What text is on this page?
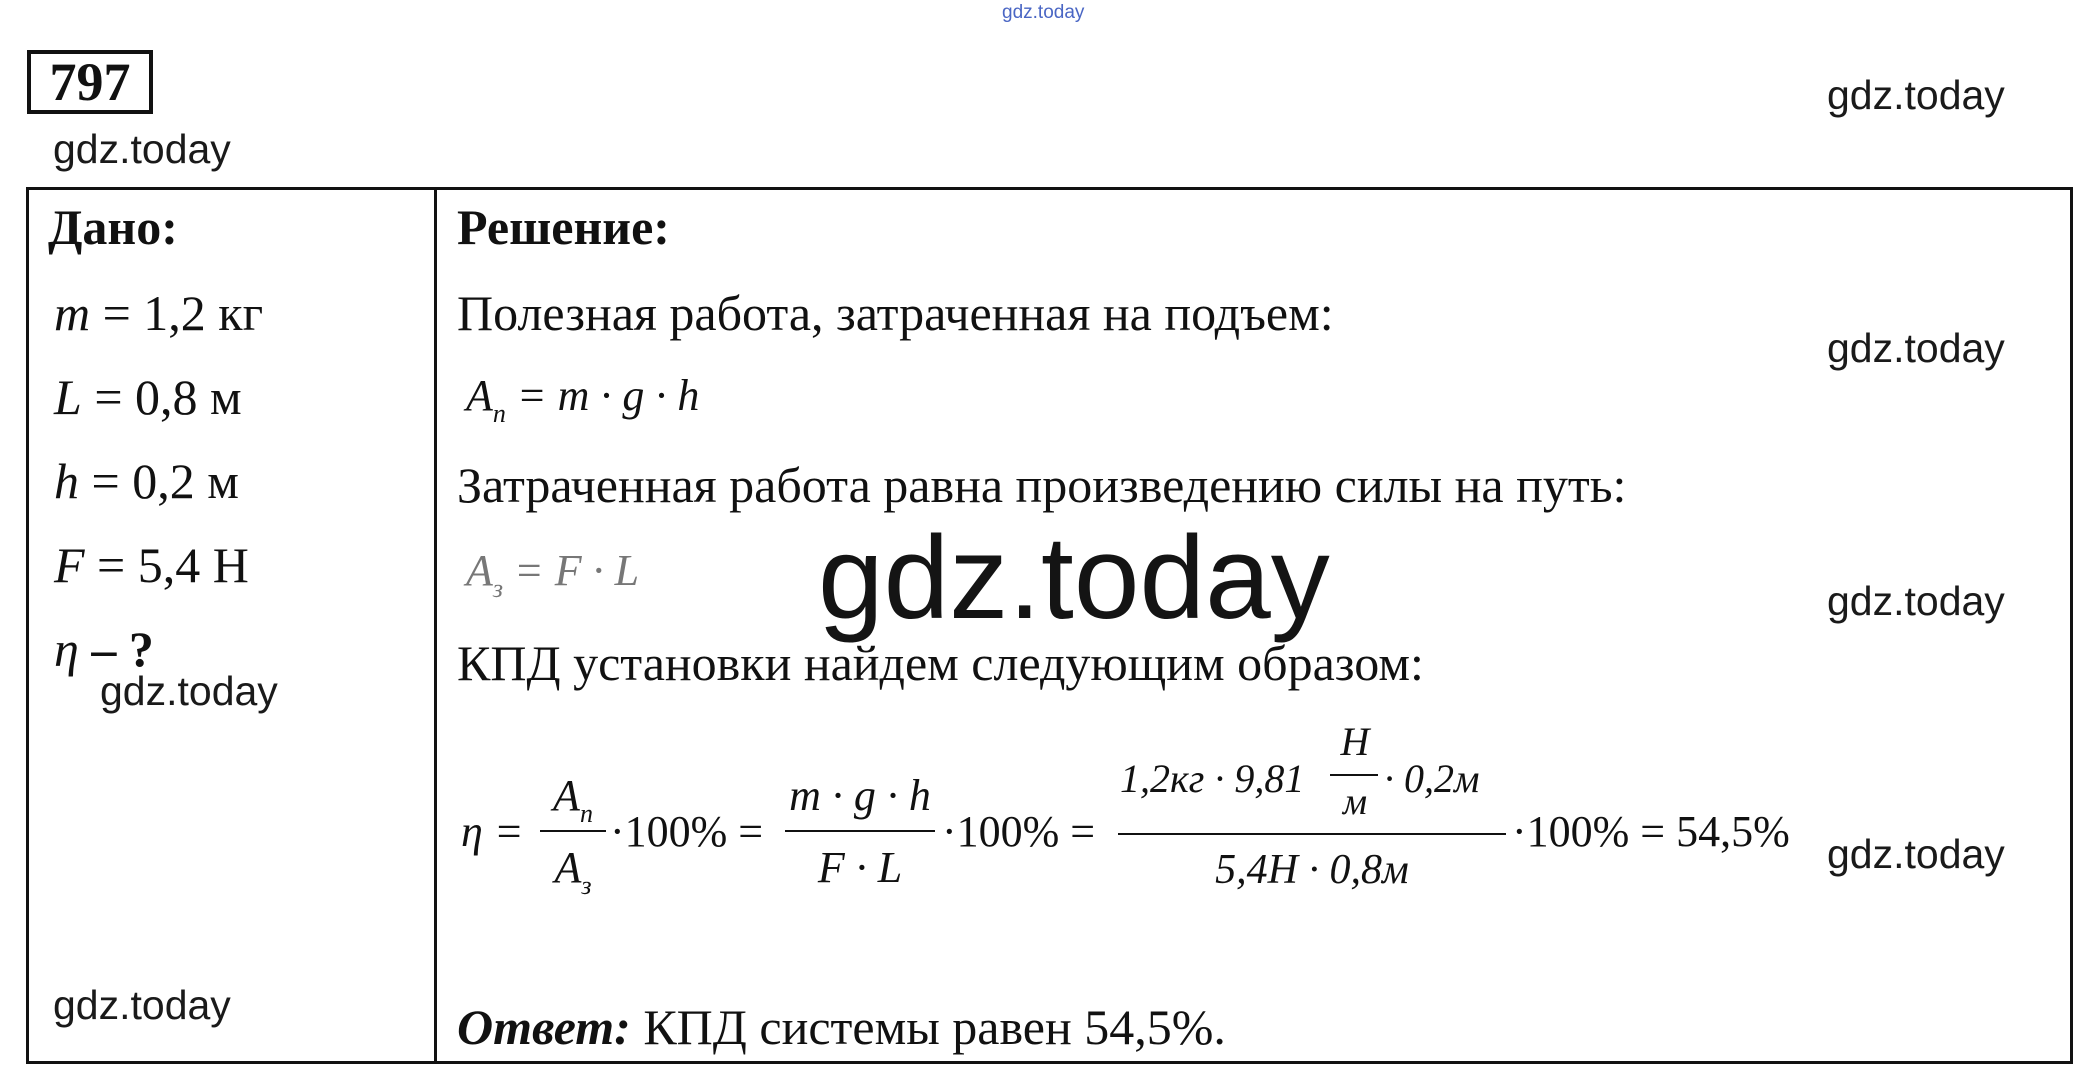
gdz.today
gdz.today
gdz.today
gdz.today
gdz.today
gdz.today
gdz.today
gdz.today
797
Дано:
m = 1,2 кг
L = 0,8 м
h = 0,2 м
F = 5,4 Н
η – ?
Решение:
Полезная работа, затраченная на подъем:
$A_п = m \cdot g \cdot h$
Затраченная работа равна произведению силы на путь:
$A_з = F \cdot L$
КПД установки найдем следующим образом:
η =
$A_п$
$A_з$
·100% =
m · g · h
F · L
·100% =
1,2кг · 9,81
Н
м
· 0,2м
5,4Н · 0,8м
·100% = 54,5%
Ответ: КПД системы равен 54,5%.
gdz.today
